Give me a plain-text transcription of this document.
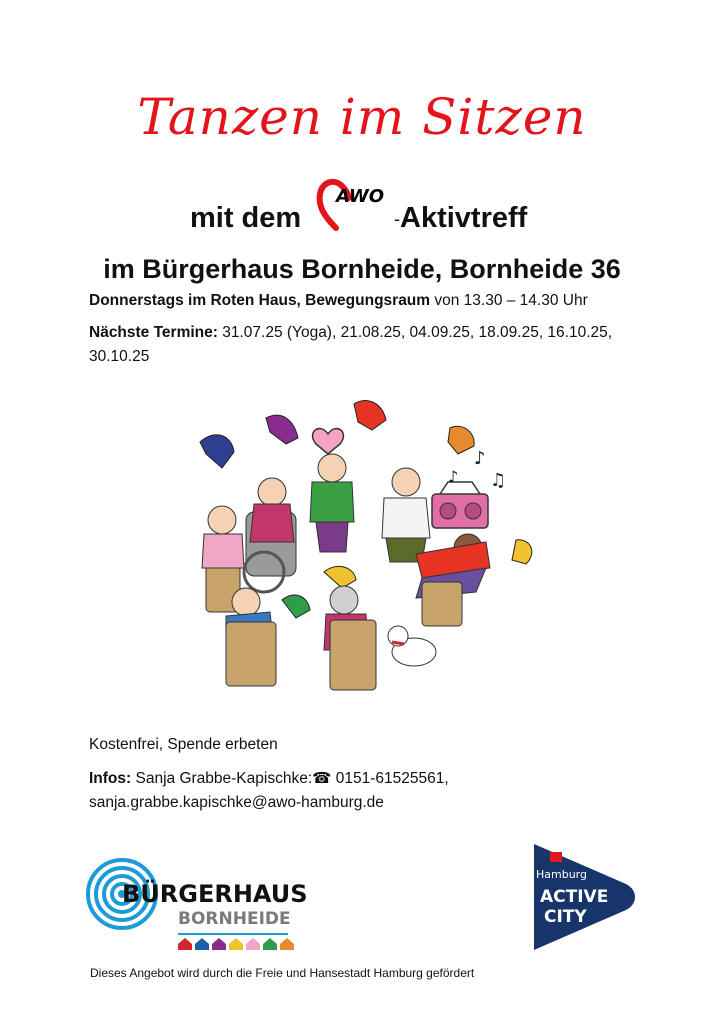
Tanzen im Sitzen
mit dem
AWO
-Aktivtreff
im Bürgerhaus Bornheide, Bornheide 36
Donnerstags im Roten Haus, Bewegungsraum von 13.30 – 14.30 Uhr
Nächste Termine: 31.07.25 (Yoga), 21.08.25, 04.09.25, 18.09.25, 16.10.25,
30.10.25
♪
♫
♪
Kostenfrei, Spende erbeten
Infos: Sanja Grabbe-Kapischke:☎ 0151-61525561,
sanja.grabbe.kapischke@awo-hamburg.de
BÜRGERHAUS
BORNHEIDE
Hamburg
ACTIVE
CITY
Dieses Angebot wird durch die Freie und Hansestadt Hamburg gefördert
